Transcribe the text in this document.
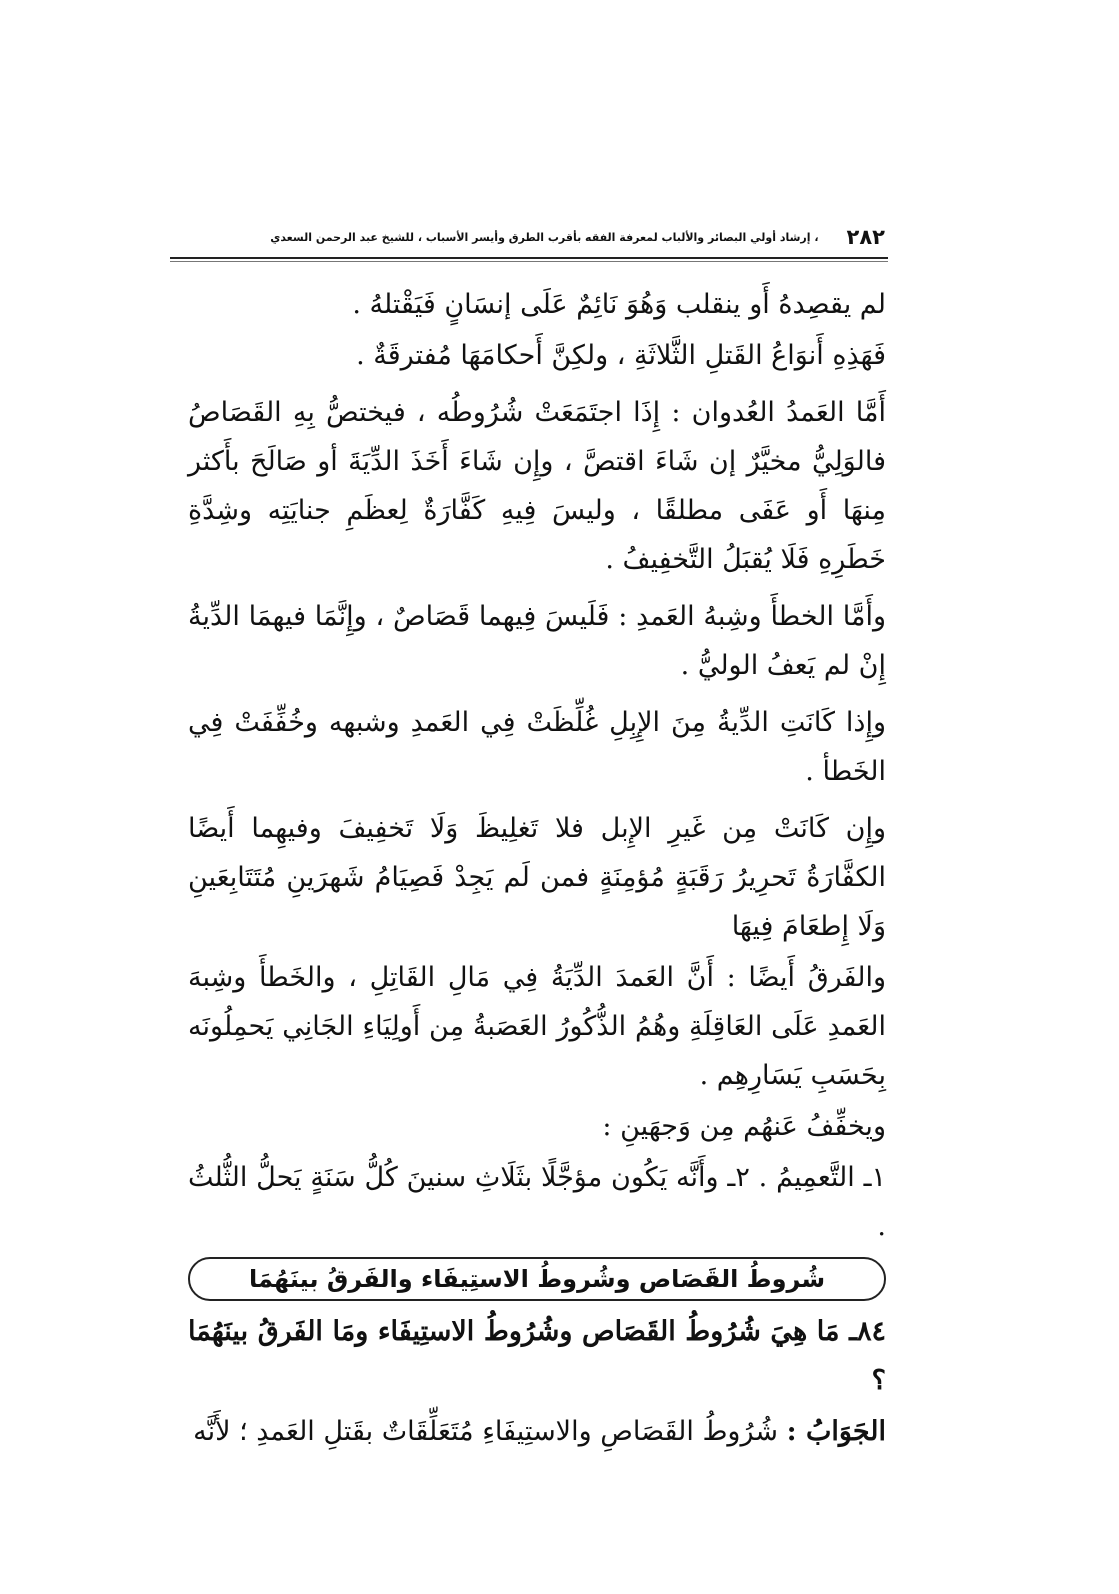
٢٨٢
، إرشاد أولي البصائر والألباب لمعرفة الفقه بأقرب الطرق وأيسر الأسباب ، للشيخ عبد الرحمن السعدي

لم يقصِدهُ أَو ينقلب وَهُوَ نَائِمٌ عَلَى إنسَانٍ فَيَقْتلهُ .

فَهَذِهِ أَنوَاعُ القَتلِ الثَّلاثَةِ ، ولكِنَّ أَحكامَهَا مُفترقَةٌ .

أَمَّا العَمدُ العُدوان : إِذَا اجتَمَعَتْ شُرُوطُه ، فيختصُّ بِهِ القَصَاصُ فالوَلِيُّ مخيَّرٌ إن شَاءَ اقتصَّ ، وإِن شَاءَ أَخَذَ الدِّيَةَ أو صَالَحَ بأَكثر مِنهَا أَو عَفَى مطلقًا ، وليسَ فِيهِ كَفَّارَةٌ لِعظَمِ جنايَتِه وشِدَّةِ خَطَرِهِ فَلَا يُقبَلُ التَّخفِيفُ .

وأَمَّا الخطأَ وشِبهُ العَمدِ : فَلَيسَ فِيهما قَصَاصٌ ، وإِنَّمَا فيهمَا الدِّيةُ إِنْ لم يَعفُ الوليُّ .

وإِذا كَانَتِ الدِّيةُ مِنَ الإِبِلِ غُلِّظَتْ فِي العَمدِ وشبهه وخُفِّفَتْ فِي الخَطأ .

وإِن كَانَتْ مِن غَيرِ الإِبل فلا تَغلِيظَ وَلَا تَخفِيفَ وفيهِما أَيضًا الكفَّارَةُ تَحرِيرُ رَقَبَةٍ مُؤمِنَةٍ فمن لَم يَجِدْ فَصِيَامُ شَهرَينِ مُتَتَابِعَينِ وَلَا إِطعَامَ فِيهَا

والفَرقُ أَيضًا : أَنَّ العَمدَ الدِّيَةُ فِي مَالِ القَاتِلِ ، والخَطأَ وشِبهَ العَمدِ عَلَى العَاقِلَةِ وهُمُ الذُّكُورُ العَصَبةُ مِن أَولِيَاءِ الجَانِي يَحمِلُونَه بِحَسَبِ يَسَارِهِم .

ويخفِّفُ عَنهُم مِن وَجهَينِ :

١ـ التَّعمِيمُ . ٢ـ وأَنَّه يَكُون مؤجَّلًا بثَلَاثِ سنينَ كُلُّ سَنَةٍ يَحلُّ الثُّلثُ .

شُروطُ القَصَاص وشُروطُ الاستِيفَاء والفَرقُ بينَهُمَا

٨٤ـ مَا هِيَ شُرُوطُ القَصَاص وشُرُوطُ الاستِيفَاء ومَا الفَرقُ بينَهُمَا ؟

الجَوَابُ : شُرُوطُ القَصَاصِ والاستِيفَاءِ مُتَعَلِّقَاتٌ بقَتلِ العَمدِ ؛ لأَنَّه
